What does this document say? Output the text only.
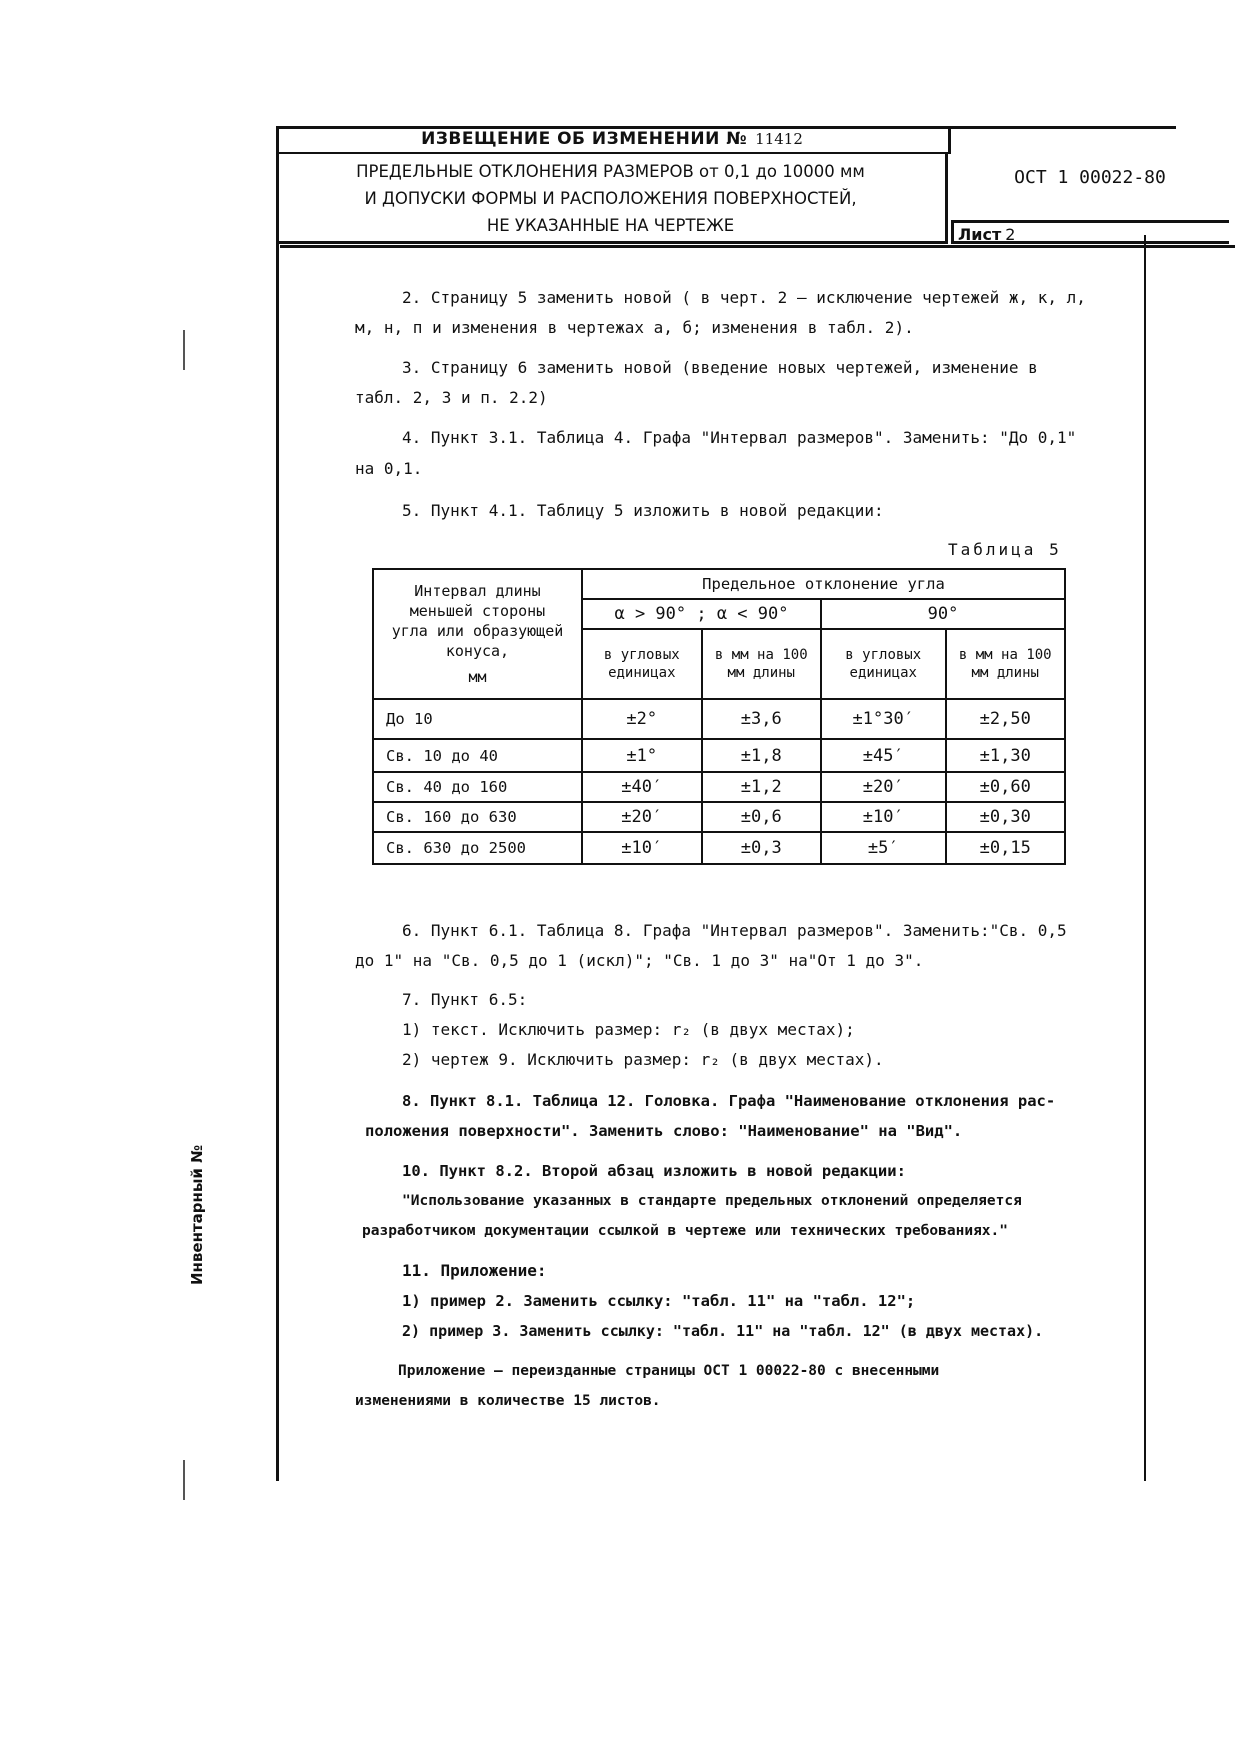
ИЗВЕЩЕНИЕ ОБ ИЗМЕНЕНИИ № 11412
ПРЕДЕЛЬНЫЕ ОТКЛОНЕНИЯ РАЗМЕРОВ от 0,1 до 10000 мм
И ДОПУСКИ ФОРМЫ И РАСПОЛОЖЕНИЯ ПОВЕРХНОСТЕЙ,
НЕ УКАЗАННЫЕ НА ЧЕРТЕЖЕ
ОСТ 1 00022-80
Лист 2
Инвентарный №
2. Страницу 5 заменить новой ( в черт. 2 – исключение чертежей ж, к, л,
м, н, п и изменения в чертежах а, б; изменения в табл. 2).
3. Страницу 6 заменить новой (введение новых чертежей, изменение в
табл. 2, 3 и п. 2.2)
4. Пункт 3.1. Таблица 4. Графа "Интервал размеров". Заменить: "До 0,1"
на 0,1.
5. Пункт 4.1. Таблицу 5 изложить в новой редакции:
Таблица 5
Интервал длины
меньшей стороны
угла или образующей
конуса,
мм	Предельное отклонение угла			
	α > 90° ; α < 90°		90°	
	в угловых единицах	в мм на 100 мм длины	в угловых единицах	в мм на 100 мм длины
До 10	±2°	±3,6	±1°30′	±2,50
Св. 10 до 40	±1°	±1,8	±45′	±1,30
Св. 40 до 160	±40′	±1,2	±20′	±0,60
Св. 160 до 630	±20′	±0,6	±10′	±0,30
Св. 630 до 2500	±10′	±0,3	±5′	±0,15
6. Пункт 6.1. Таблица 8. Графа "Интервал размеров". Заменить:"Св. 0,5
до 1" на "Св. 0,5 до 1 (искл)"; "Св. 1 до 3" на"От 1 до 3".
7. Пункт 6.5:
1) текст. Исключить размер: r₂ (в двух местах);
2) чертеж 9. Исключить размер: r₂ (в двух местах).
8. Пункт 8.1. Таблица 12. Головка. Графа "Наименование отклонения рас-
положения поверхности". Заменить слово: "Наименование" на "Вид".
10. Пункт 8.2. Второй абзац изложить в новой редакции:
"Использование указанных в стандарте предельных отклонений определяется
разработчиком документации ссылкой в чертеже или технических требованиях."
11. Приложение:
1) пример 2. Заменить ссылку: "табл. 11" на "табл. 12";
2) пример 3. Заменить ссылку: "табл. 11" на "табл. 12" (в двух местах).
Приложение – переизданные страницы ОСТ 1 00022-80 с внесенными
изменениями в количестве 15 листов.
